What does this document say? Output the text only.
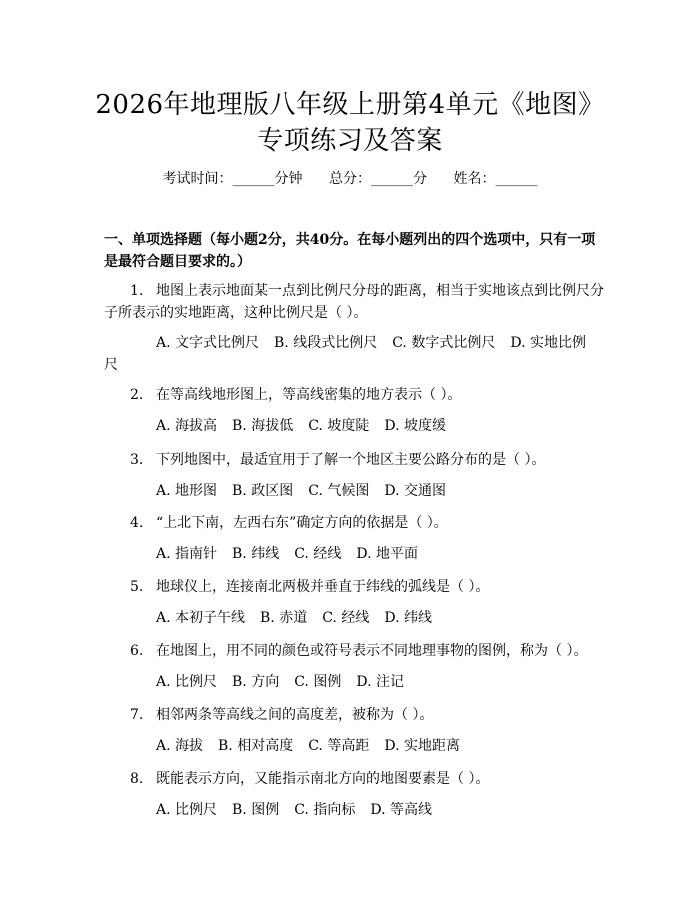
2026年地理版八年级上册第4单元《地图》
专项练习及答案
考试时间：______分钟 总分：______分 姓名：______
一、单项选择题（每小题2分，共40分。在每小题列出的四个选项中，只有一项是最符合题目要求的。）
1. 地图上表示地面某一点到比例尺分母的距离，相当于实地该点到比例尺分子所表示的实地距离，这种比例尺是（ ）。
A. 文字式比例尺 B. 线段式比例尺 C. 数字式比例尺 D. 实地比例尺
2. 在等高线地形图上，等高线密集的地方表示（ ）。
A. 海拔高 B. 海拔低 C. 坡度陡 D. 坡度缓
3. 下列地图中，最适宜用于了解一个地区主要公路分布的是（ ）。
A. 地形图 B. 政区图 C. 气候图 D. 交通图
4. “上北下南，左西右东”确定方向的依据是（ ）。
A. 指南针 B. 纬线 C. 经线 D. 地平面
5. 地球仪上，连接南北两极并垂直于纬线的弧线是（ ）。
A. 本初子午线 B. 赤道 C. 经线 D. 纬线
6. 在地图上，用不同的颜色或符号表示不同地理事物的图例，称为（ ）。
A. 比例尺 B. 方向 C. 图例 D. 注记
7. 相邻两条等高线之间的高度差，被称为（ ）。
A. 海拔 B. 相对高度 C. 等高距 D. 实地距离
8. 既能表示方向，又能指示南北方向的地图要素是（ ）。
A. 比例尺 B. 图例 C. 指向标 D. 等高线
